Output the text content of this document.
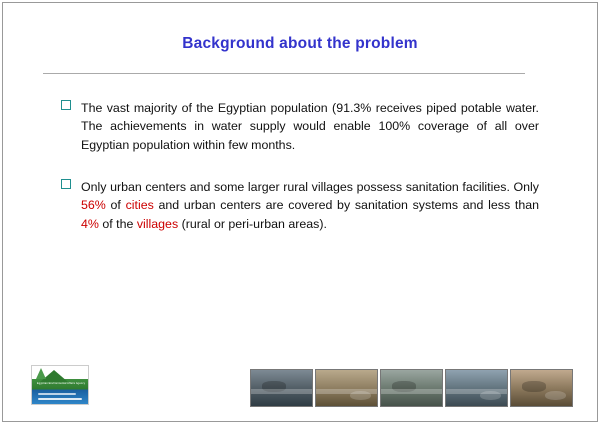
Background about the problem
The vast majority of the Egyptian population (91.3% receives piped potable water. The achievements in water supply would enable 100% coverage of all over Egyptian population within few months.
Only urban centers and some larger rural villages possess sanitation facilities. Only 56% of cities and urban centers are covered by sanitation systems and less than 4% of the villages (rural or peri-urban areas).
Egyptian Environmental Affairs Agency
